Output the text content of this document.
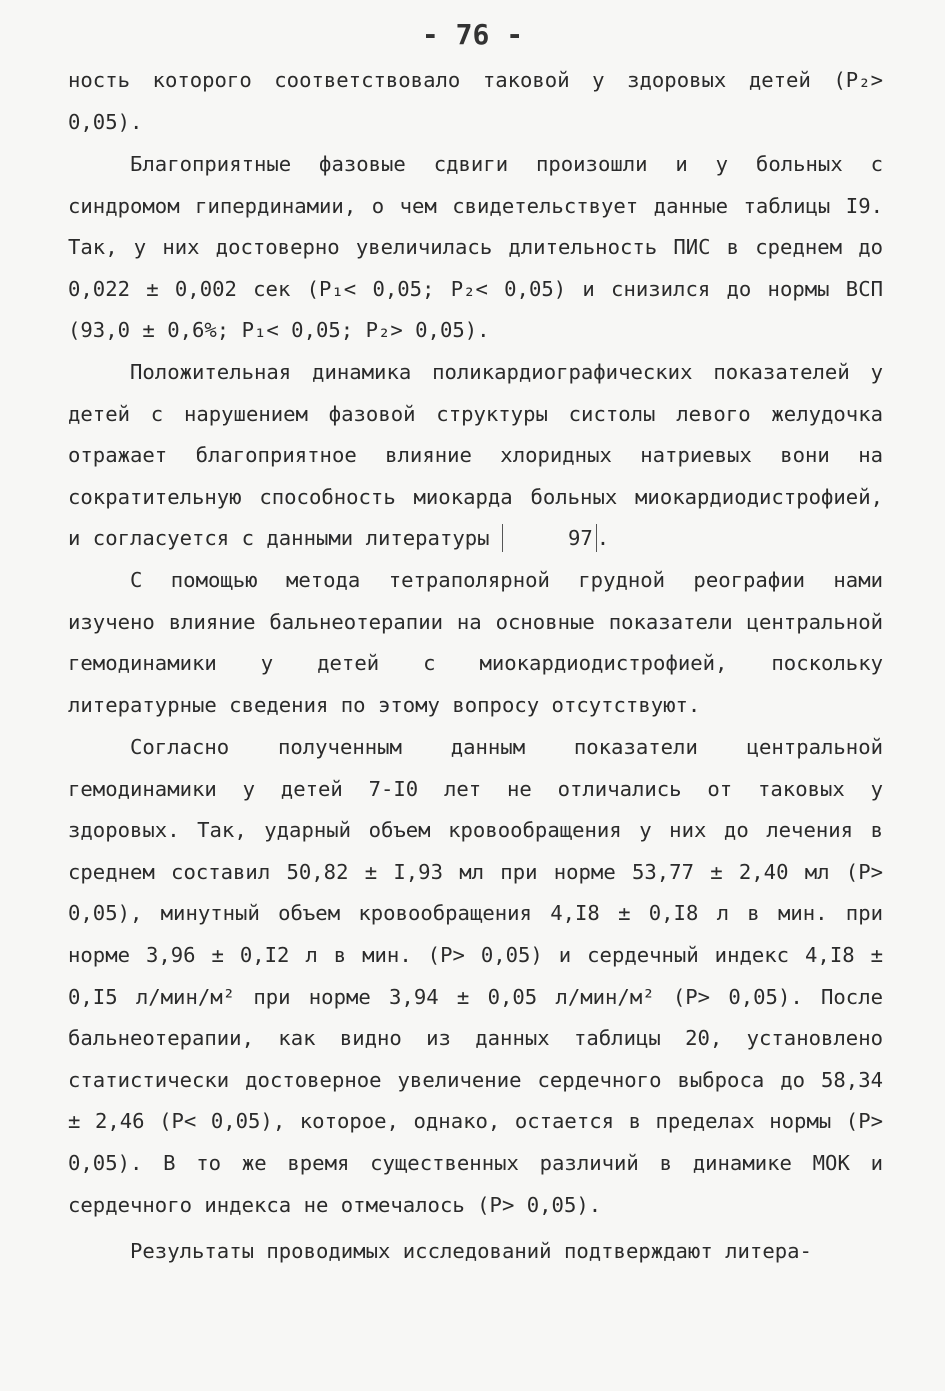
- 76 -

ность которого соответствовало таковой у здоровых детей (P₂> 0,05).

Благоприятные фазовые сдвиги произошли и у больных с синдромом гипердинамии, о чем свидетельствует данные таблицы I9. Так, у них достоверно увеличилась длительность ПИС в среднем до 0,022 ± 0,002 сек (P₁< 0,05; P₂< 0,05) и снизился до нормы ВСП (93,0 ± 0,6%; P₁< 0,05; P₂> 0,05).

Положительная динамика поликардиографических показателей у детей с нарушением фазовой структуры систолы левого желудочка отражает благоприятное влияние хлоридных натриевых вони на сократительную способность миокарда больных миокардиодистрофией, и согласуется с данными литературы	97 .

С помощью метода тетраполярной грудной реографии нами изучено влияние бальнеотерапии на основные показатели центральной гемодинамики у детей с миокардиодистрофией, поскольку литературные сведения по этому вопросу отсутствуют.

Согласно полученным данным показатели центральной гемодинамики у детей 7-I0 лет не отличались от таковых у здоровых. Так, ударный объем кровообращения у них до лечения в среднем составил 50,82 ± I,93 мл при норме 53,77 ± 2,40 мл (P> 0,05), минутный объем кровообращения 4,I8 ± 0,I8 л в мин. при норме 3,96 ± 0,I2 л в мин. (P> 0,05) и сердечный индекс 4,I8 ± 0,I5 л/мин/м² при норме 3,94 ± 0,05 л/мин/м² (P> 0,05). После бальнеотерапии, как видно из данных таблицы 20, установлено статистически достоверное увеличение сердечного выброса до 58,34 ± 2,46 (P< 0,05), которое, однако, остается в пределах нормы (P> 0,05). В то же время существенных различий в динамике МОК и сердечного индекса не отмечалось (P> 0,05).

Результаты проводимых исследований подтверждают литера-
